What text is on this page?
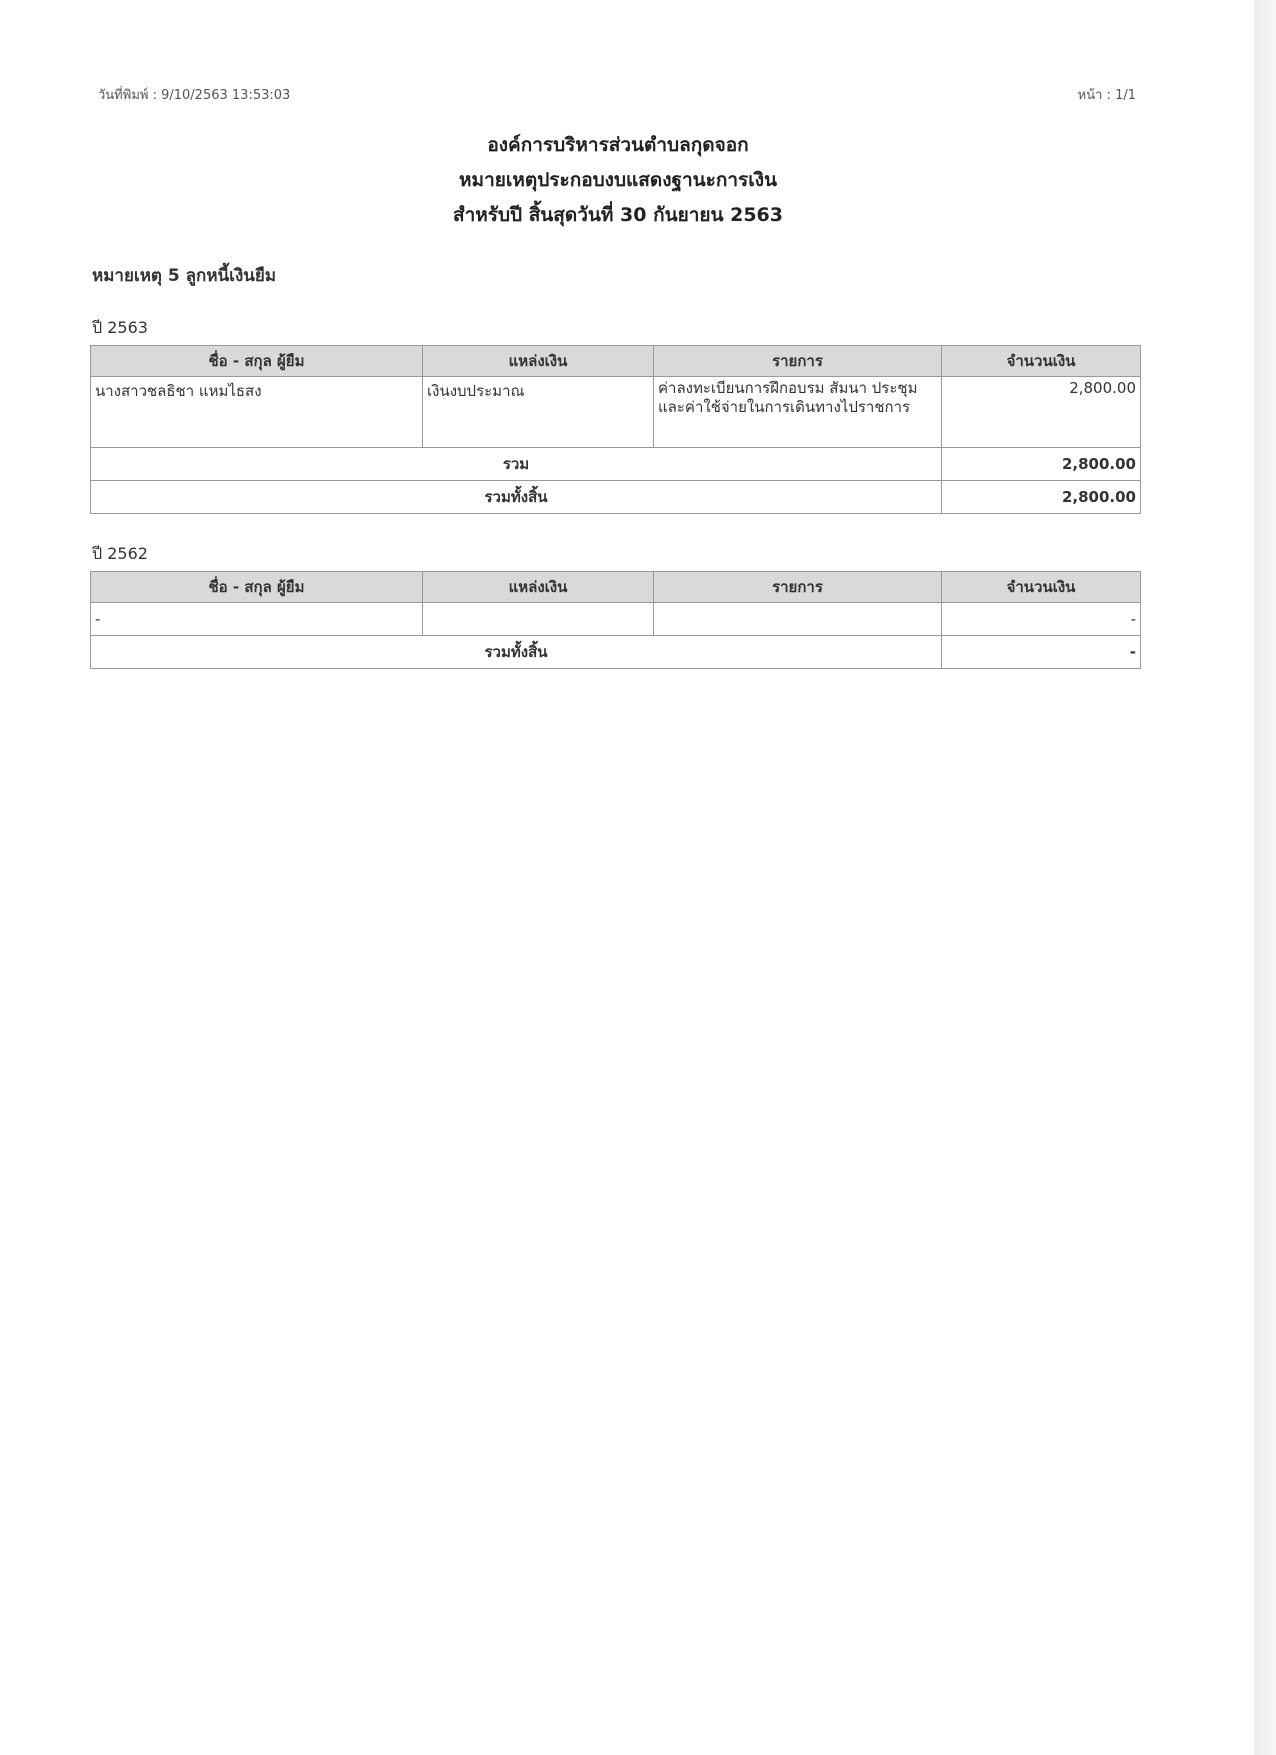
วันที่พิมพ์ : 9/10/2563 13:53:03	หน้า : 1/1
องค์การบริหารส่วนตำบลกุดจอก
หมายเหตุประกอบงบแสดงฐานะการเงิน
สำหรับปี สิ้นสุดวันที่ 30 กันยายน 2563
หมายเหตุ 5 ลูกหนี้เงินยืม
ปี 2563
ชื่อ - สกุล ผู้ยืม	แหล่งเงิน	รายการ	จำนวนเงิน
นางสาวชลธิชา แหมไธสง	เงินงบประมาณ	ค่าลงทะเบียนการฝึกอบรม สัมนา ประชุมและค่าใช้จ่ายในการเดินทางไปราชการ	2,800.00
รวม			2,800.00
รวมทั้งสิ้น			2,800.00
ปี 2562
ชื่อ - สกุล ผู้ยืม	แหล่งเงิน	รายการ	จำนวนเงิน
-			-
รวมทั้งสิ้น			-
